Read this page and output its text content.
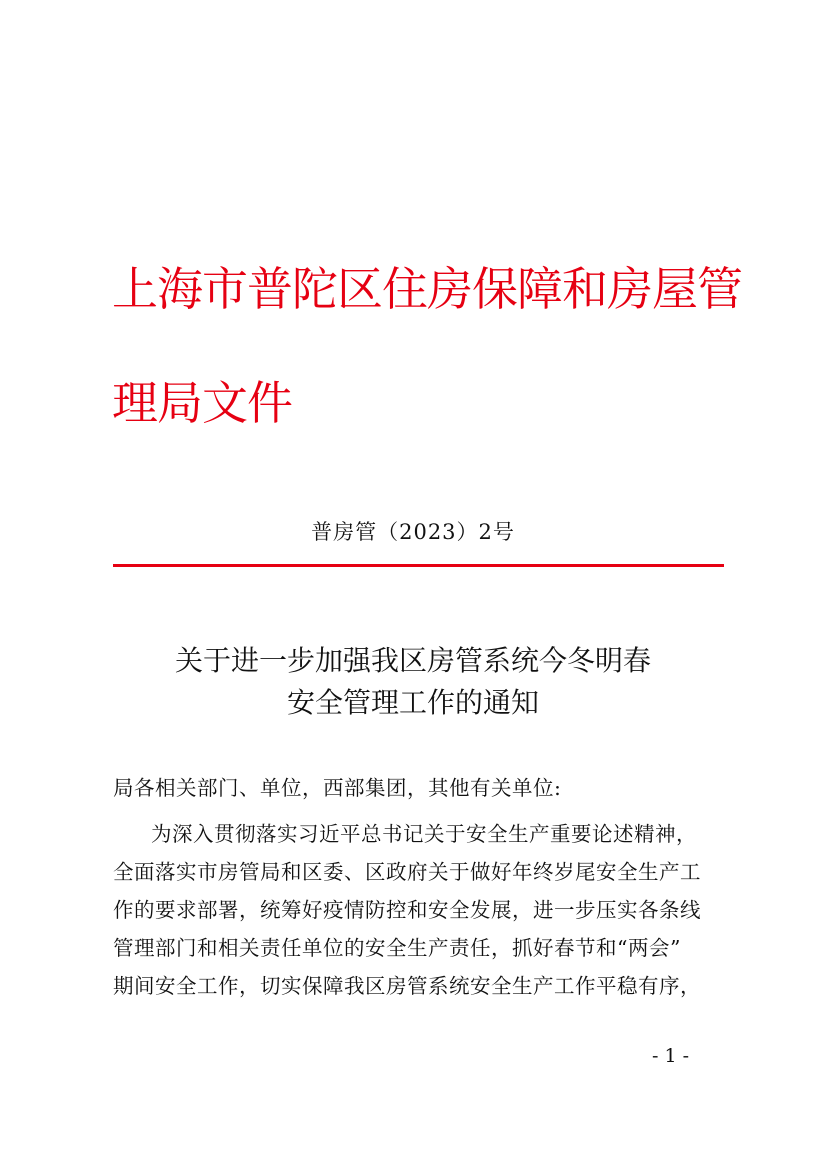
上海市普陀区住房保障和房屋管理局文件
普房管（2023）2号
关于进一步加强我区房管系统今冬明春
安全管理工作的通知
局各相关部门、单位，西部集团，其他有关单位:
为深入贯彻落实习近平总书记关于安全生产重要论述精神，
全面落实市房管局和区委、区政府关于做好年终岁尾安全生产工
作的要求部署，统筹好疫情防控和安全发展，进一步压实各条线
管理部门和相关责任单位的安全生产责任，抓好春节和“两会”
期间安全工作，切实保障我区房管系统安全生产工作平稳有序，
- 1 -
